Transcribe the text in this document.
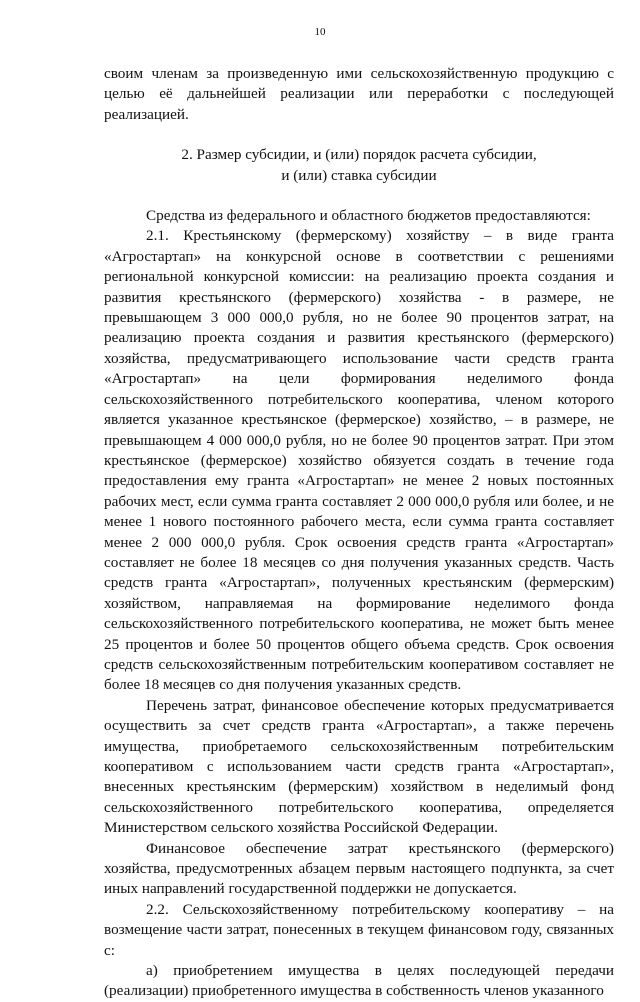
10

своим членам за произведенную ими сельскохозяйственную продукцию с целью её дальнейшей реализации или переработки с последующей реализацией.

2. Размер субсидии, и (или) порядок расчета субсидии,
и (или) ставка субсидии

Средства из федерального и областного бюджетов предоставляются:

2.1. Крестьянскому (фермерскому) хозяйству – в виде гранта «Агростартап» на конкурсной основе в соответствии с решениями региональной конкурсной комиссии: на реализацию проекта создания и развития крестьянского (фермерского) хозяйства - в размере, не превышающем 3 000 000,0 рубля, но не более 90 процентов затрат, на реализацию проекта создания и развития крестьянского (фермерского) хозяйства, предусматривающего использование части средств гранта «Агростартап» на цели формирования неделимого фонда сельскохозяйственного потребительского кооператива, членом которого является указанное крестьянское (фермерское) хозяйство, – в размере, не превышающем 4 000 000,0 рубля, но не более 90 процентов затрат. При этом крестьянское (фермерское) хозяйство обязуется создать в течение года предоставления ему гранта «Агростартап» не менее 2 новых постоянных рабочих мест, если сумма гранта составляет 2 000 000,0 рубля или более, и не менее 1 нового постоянного рабочего места, если сумма гранта составляет менее 2 000 000,0 рубля. Срок освоения средств гранта «Агростартап» составляет не более 18 месяцев со дня получения указанных средств. Часть средств гранта «Агростартап», полученных крестьянским (фермерским) хозяйством, направляемая на формирование неделимого фонда сельскохозяйственного потребительского кооператива, не может быть менее 25 процентов и более 50 процентов общего объема средств. Срок освоения средств сельскохозяйственным потребительским кооперативом составляет не более 18 месяцев со дня получения указанных средств.

Перечень затрат, финансовое обеспечение которых предусматривается осуществить за счет средств гранта «Агростартап», а также перечень имущества, приобретаемого сельскохозяйственным потребительским кооперативом с использованием части средств гранта «Агростартап», внесенных крестьянским (фермерским) хозяйством в неделимый фонд сельскохозяйственного потребительского кооператива, определяется Министерством сельского хозяйства Российской Федерации.

Финансовое обеспечение затрат крестьянского (фермерского) хозяйства, предусмотренных абзацем первым настоящего подпункта, за счет иных направлений государственной поддержки не допускается.

2.2. Сельскохозяйственному потребительскому кооперативу – на возмещение части затрат, понесенных в текущем финансовом году, связанных с:

а) приобретением имущества в целях последующей передачи (реализации) приобретенного имущества в собственность членов указанного
